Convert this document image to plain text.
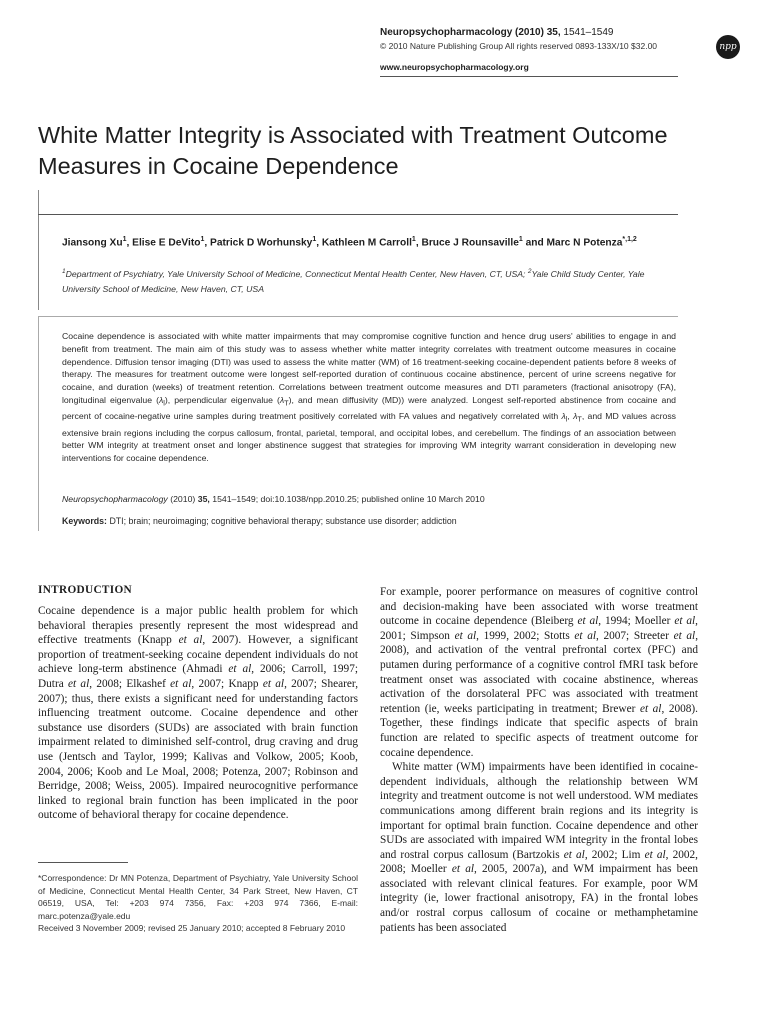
Neuropsychopharmacology (2010) 35, 1541–1549
© 2010 Nature Publishing Group All rights reserved 0893-133X/10 $32.00
www.neuropsychopharmacology.org
npp
White Matter Integrity is Associated with Treatment Outcome Measures in Cocaine Dependence
Jiansong Xu$^1$, Elise E DeVito$^1$, Patrick D Worhunsky$^1$, Kathleen M Carroll$^1$, Bruce J Rounsaville$^1$ and Marc N Potenza$^{*,1,2}$
$^1$Department of Psychiatry, Yale University School of Medicine, Connecticut Mental Health Center, New Haven, CT, USA; $^2$Yale Child Study Center, Yale University School of Medicine, New Haven, CT, USA
Cocaine dependence is associated with white matter impairments that may compromise cognitive function and hence drug users' abilities to engage in and benefit from treatment. The main aim of this study was to assess whether white matter integrity correlates with treatment outcome measures in cocaine dependence. Diffusion tensor imaging (DTI) was used to assess the white matter (WM) of 16 treatment-seeking cocaine-dependent patients before 8 weeks of therapy. The measures for treatment outcome were longest self-reported duration of continuous cocaine abstinence, percent of urine screens negative for cocaine, and duration (weeks) of treatment retention. Correlations between treatment outcome measures and DTI parameters (fractional anisotropy (FA), longitudinal eigenvalue $(\lambda_l)$, perpendicular eigenvalue $(\lambda_T)$, and mean diffusivity (MD)) were analyzed. Longest self-reported abstinence from cocaine and percent of cocaine-negative urine samples during treatment positively correlated with FA values and negatively correlated with $\lambda_l$, $\lambda_T$, and MD values across extensive brain regions including the corpus callosum, frontal, parietal, temporal, and occipital lobes, and cerebellum. The findings of an association between better WM integrity at treatment onset and longer abstinence suggest that strategies for improving WM integrity warrant consideration in developing new interventions for cocaine dependence.
Neuropsychopharmacology (2010) 35, 1541–1549; doi:10.1038/npp.2010.25; published online 10 March 2010
Keywords: DTI; brain; neuroimaging; cognitive behavioral therapy; substance use disorder; addiction
INTRODUCTION

Cocaine dependence is a major public health problem for which behavioral therapies presently represent the most widespread and effective treatments (Knapp et al, 2007). However, a significant proportion of treatment-seeking cocaine dependent individuals do not achieve long-term abstinence (Ahmadi et al, 2006; Carroll, 1997; Dutra et al, 2008; Elkashef et al, 2007; Knapp et al, 2007; Shearer, 2007); thus, there exists a significant need for understanding factors influencing treatment outcome. Cocaine dependence and other substance use disorders (SUDs) are associated with brain function impairment related to diminished self-control, drug craving and drug use (Jentsch and Taylor, 1999; Kalivas and Volkow, 2005; Koob, 2004, 2006; Koob and Le Moal, 2008; Potenza, 2007; Robinson and Berridge, 2008; Weiss, 2005). Impaired neurocognitive performance linked to regional brain function has been implicated in the poor outcome of behavioral therapy for cocaine dependence.

For example, poorer performance on measures of cognitive control and decision-making have been associated with worse treatment outcome in cocaine dependence (Bleiberg et al, 1994; Moeller et al, 2001; Simpson et al, 1999, 2002; Stotts et al, 2007; Streeter et al, 2008), and activation of the ventral prefrontal cortex (PFC) and putamen during performance of a cognitive control fMRI task before treatment onset was associated with cocaine abstinence, whereas activation of the dorsolateral PFC was associated with treatment retention (ie, weeks participating in treatment; Brewer et al, 2008). Together, these findings indicate that specific aspects of brain function are related to specific aspects of treatment outcome for cocaine dependence.

White matter (WM) impairments have been identified in cocaine-dependent individuals, although the relationship between WM integrity and treatment outcome is not well understood. WM mediates communications among different brain regions and its integrity is important for optimal brain function. Cocaine dependence and other SUDs are associated with impaired WM integrity in the frontal lobes and rostral corpus callosum (Bartzokis et al, 2002; Lim et al, 2002, 2008; Moeller et al, 2005, 2007a), and WM impairment has been associated with relevant clinical features. For example, poor WM integrity (ie, lower fractional anisotropy, FA) in the frontal lobes and/or rostral corpus callosum of cocaine or methamphetamine patients has been associated

*Correspondence: Dr MN Potenza, Department of Psychiatry, Yale University School of Medicine, Connecticut Mental Health Center, 34 Park Street, New Haven, CT 06519, USA, Tel: +203 974 7356, Fax: +203 974 7366, E-mail: marc.potenza@yale.edu

Received 3 November 2009; revised 25 January 2010; accepted 8 February 2010
